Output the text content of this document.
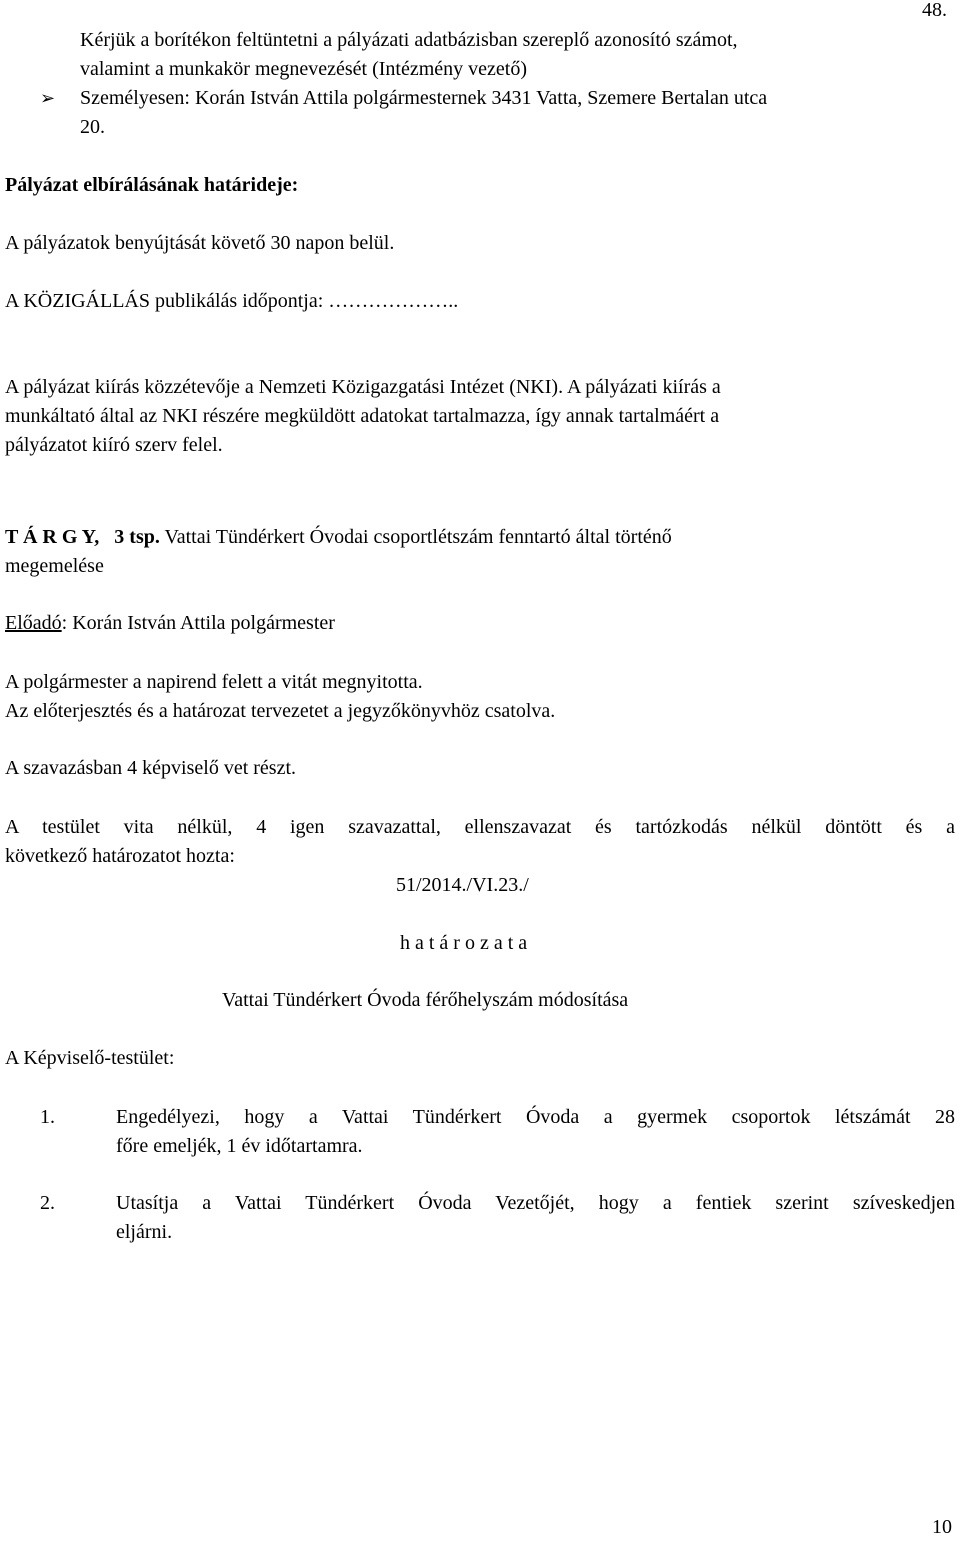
48.
Kérjük a borítékon feltüntetni a pályázati adatbázisban szereplő azonosító számot,
valamint a munkakör megnevezését (Intézmény vezető)
➢ Személyesen: Korán István Attila polgármesternek 3431 Vatta, Szemere Bertalan utca
20.
Pályázat elbírálásának határideje:
A pályázatok benyújtását követő 30 napon belül.
A KÖZIGÁLLÁS publikálás időpontja: ………………..
A pályázat kiírás közzétevője a Nemzeti Közigazgatási Intézet (NKI). A pályázati kiírás a
munkáltató által az NKI részére megküldött adatokat tartalmazza, így annak tartalmáért a
pályázatot kiíró szerv felel.
T Á R G Y, 3 tsp. Vattai Tündérkert Óvodai csoportlétszám fenntartó által történő
megemelése
Előadó: Korán István Attila polgármester
A polgármester a napirend felett a vitát megnyitotta.
Az előterjesztés és a határozat tervezetet a jegyzőkönyvhöz csatolva.
A szavazásban 4 képviselő vet részt.
A testület vita nélkül, 4 igen szavazattal, ellenszavazat és tartózkodás nélkül döntött és a
következő határozatot hozta:
51/2014./VI.23./
h a t á r o z a t a
Vattai Tündérkert Óvoda férőhelyszám módosítása
A Képviselő-testület:
1.	Engedélyezi, hogy a Vattai Tündérkert Óvoda a gyermek csoportok létszámát 28
főre emeljék, 1 év időtartamra.
2.	Utasítja a Vattai Tündérkert Óvoda Vezetőjét, hogy a fentiek szerint szíveskedjen
eljárni.
10
